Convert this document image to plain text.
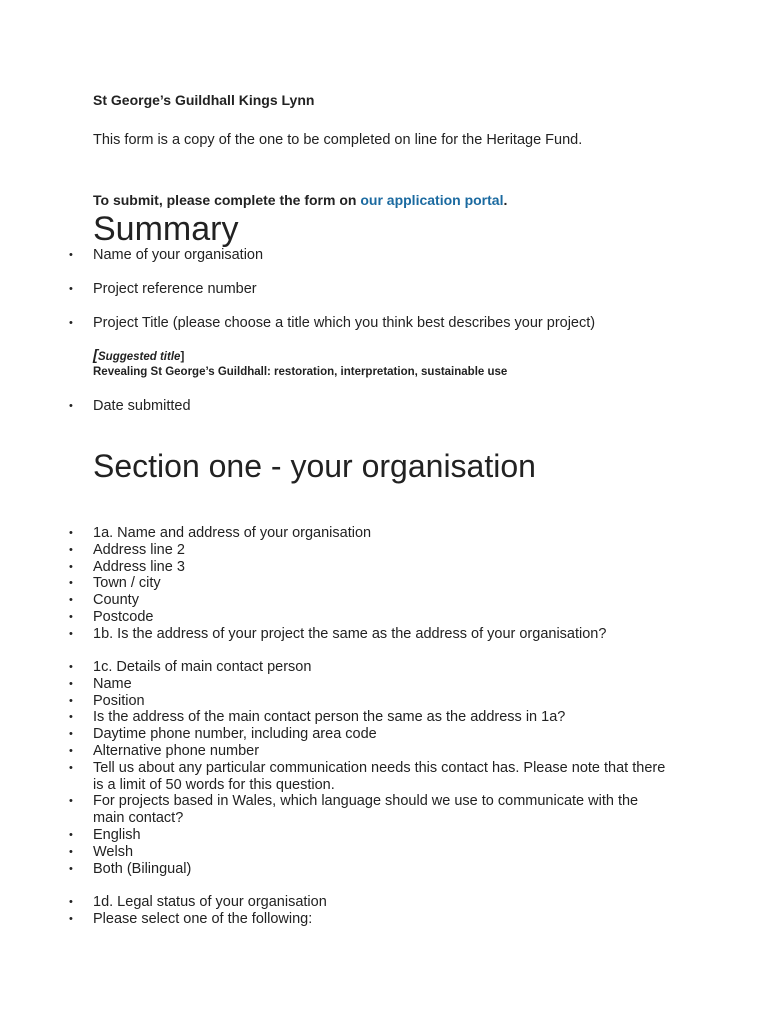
St George’s Guildhall Kings Lynn
This form is a copy of the one to be completed on line for the Heritage Fund.
To submit, please complete the form on our application portal.
Summary
• Name of your organisation
• Project reference number
• Project Title (please choose a title which you think best describes your project)
[Suggested title]
Revealing St George’s Guildhall: restoration, interpretation, sustainable use
• Date submitted
Section one - your organisation
• 1a. Name and address of your organisation
• Address line 2
• Address line 3
• Town / city
• County
• Postcode
• 1b. Is the address of your project the same as the address of your organisation?
• 1c. Details of main contact person
• Name
• Position
• Is the address of the main contact person the same as the address in 1a?
• Daytime phone number, including area code
• Alternative phone number
• Tell us about any particular communication needs this contact has. Please note that there is a limit of 50 words for this question.
• For projects based in Wales, which language should we use to communicate with the main contact?
• English
• Welsh
• Both (Bilingual)
• 1d. Legal status of your organisation
• Please select one of the following:
